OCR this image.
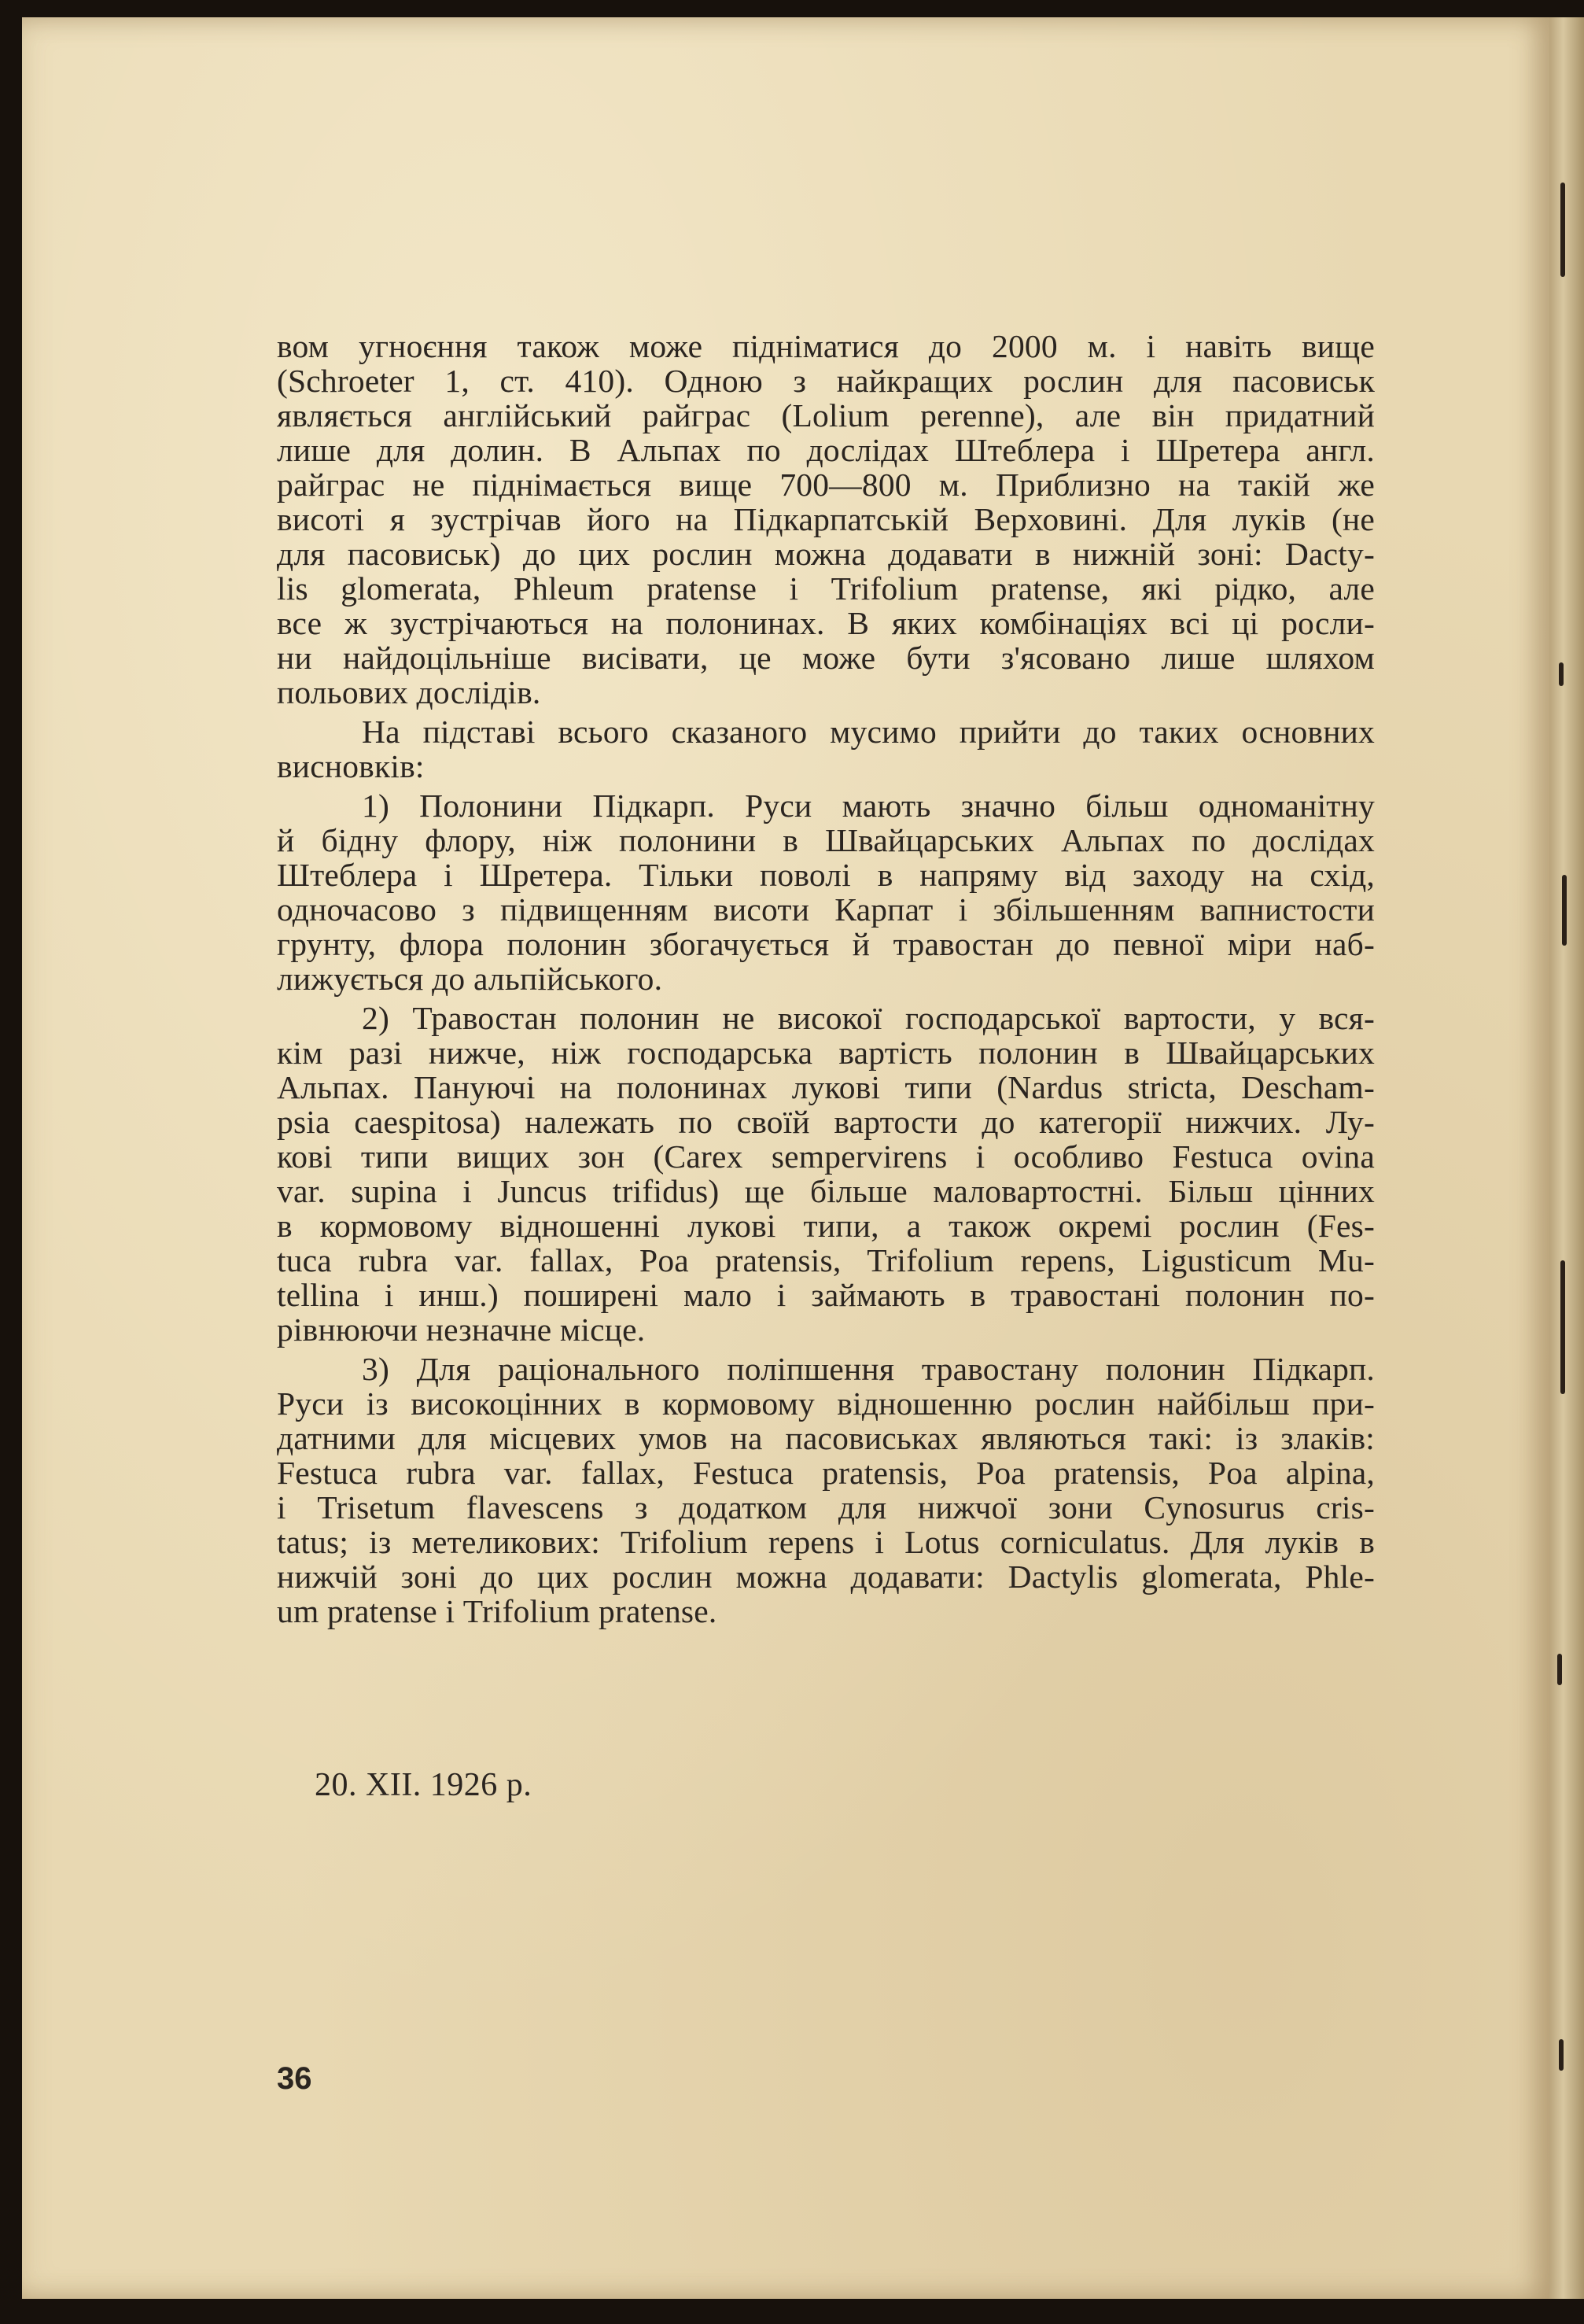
вом угноєння також може підніматися до 2000 м. і навіть вище
(Schroeter 1, ст. 410). Одною з найкращих рослин для пасовиськ
являється англійський райграс (Lolium perenne), але він придатний
лише для долин. В Альпах по дослідах Штеблера і Шретера англ.
райграс не піднімається вище 700—800 м. Приблизно на такій же
висоті я зустрічав його на Підкарпатській Верховині. Для луків (не
для пасовиськ) до цих рослин можна додавати в нижній зоні: Dacty-
lis glomerata, Phleum pratense і Trifolium pratense, які рідко, але
все ж зустрічаються на полонинах. В яких комбінаціях всі ці росли-
ни найдоцільніше висівати, це може бути з'ясовано лише шляхом
польових дослідів.

На підставі всього сказаного мусимо прийти до таких основних
висновків:

1) Полонини Підкарп. Руси мають значно більш одноманітну
й бідну флору, ніж полонини в Швайцарських Альпах по дослідах
Штеблера і Шретера. Тільки поволі в напряму від заходу на схід,
одночасово з підвищенням висоти Карпат і збільшенням вапнистости
грунту, флора полонин збогачується й травостан до певної міри наб-
лижується до альпійського.

2) Травостан полонин не високої господарської вартости, у вся-
кім разі нижче, ніж господарська вартість полонин в Швайцарських
Альпах. Пануючі на полонинах лукові типи (Nardus stricta, Descham-
psia caespitosa) належать по своїй вартости до категорії нижчих. Лу-
кові типи вищих зон (Carex sempervirens і особливо Festuca ovina
var. supina і Juncus trifidus) ще більше маловартостні. Більш цінних
в кормовому відношенні лукові типи, а також окремі рослин (Fes-
tuca rubra var. fallax, Poa pratensis, Trifolium repens, Ligusticum Mu-
tellina і инш.) поширені мало і займають в травостані полонин по-
рівнюючи незначне місце.

3) Для раціонального поліпшення травостану полонин Підкарп.
Руси із високоцінних в кормовому відношенню рослин найбільш при-
датними для місцевих умов на пасовиськах являються такі: із злаків:
Festuca rubra var. fallax, Festuca pratensis, Poa pratensis, Poa alpina,
і Trisetum flavescens з додатком для нижчої зони Cynosurus cris-
tatus; із метеликових: Trifolium repens і Lotus corniculatus. Для луків в
нижчій зоні до цих рослин можна додавати: Dactylis glomerata, Phle-
um pratense і Trifolium pratense.

20. XII. 1926 р.
36
